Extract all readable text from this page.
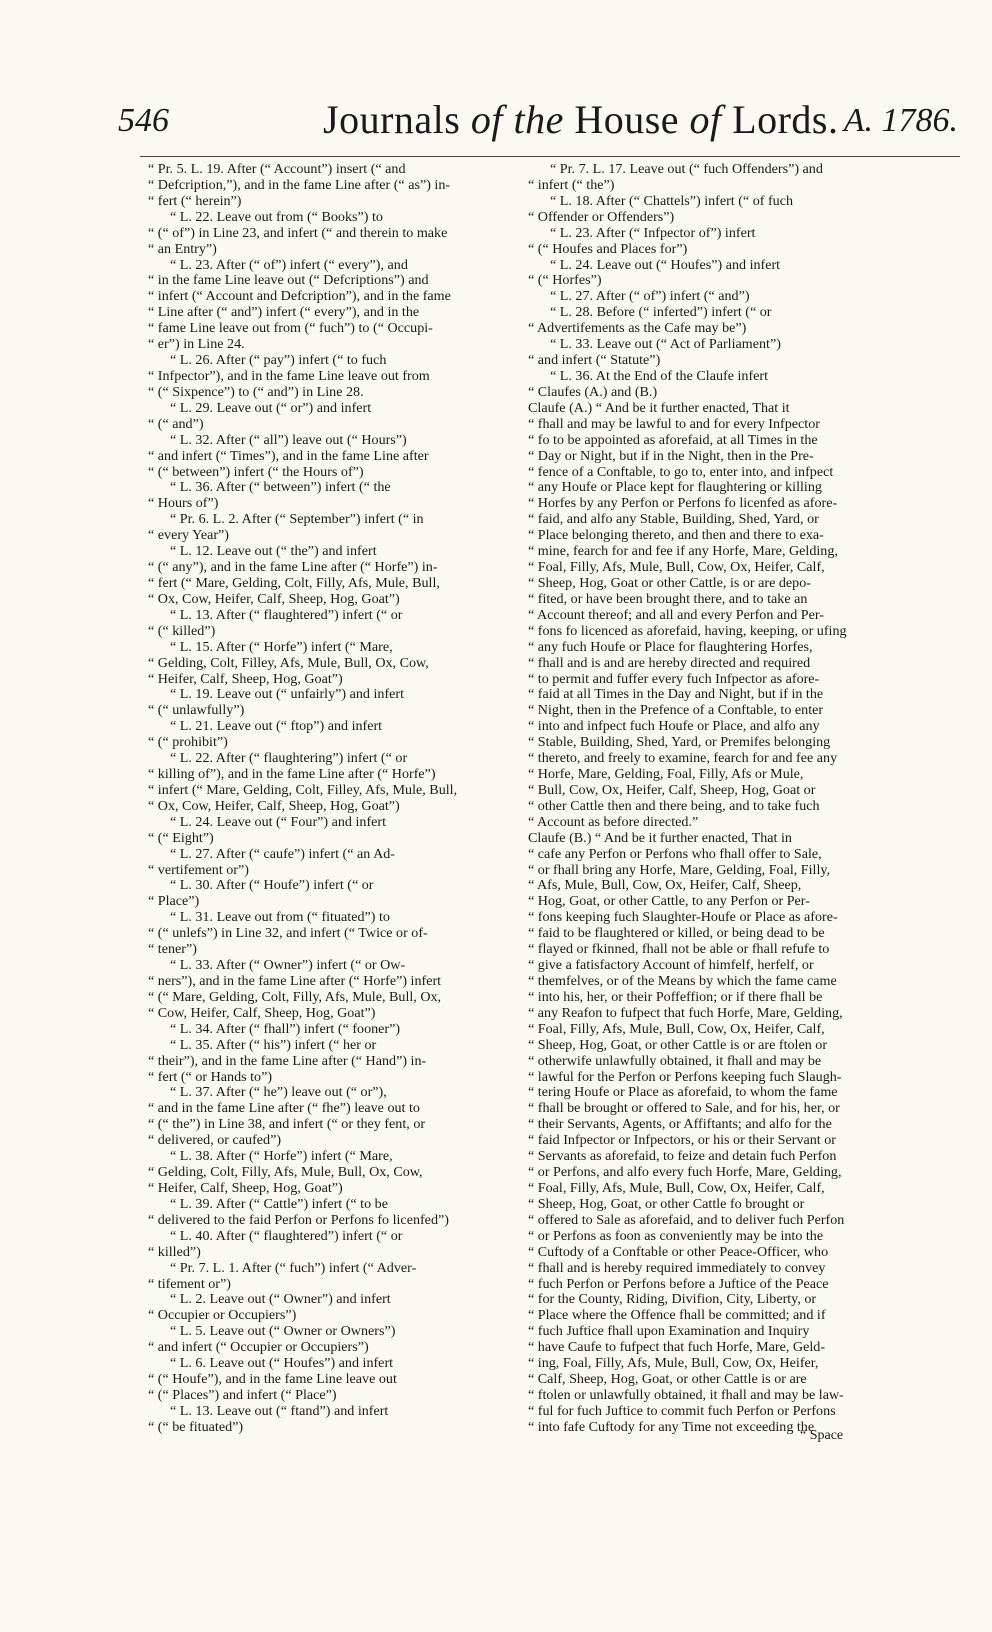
546	Journals of the House of Lords. A. 1786.

“ Pr. 5. L. 19. After (“ Account”) insert (“ and

“ Defcription,”), and in the fame Line after (“ as”) in-

“ fert (“ herein”)

“ L. 22. Leave out from (“ Books”) to

“ (“ of”) in Line 23, and infert (“ and therein to make

“ an Entry”)

“ L. 23. After (“ of”) infert (“ every”), and

“ in the fame Line leave out (“ Defcriptions”) and

“ infert (“ Account and Defcription”), and in the fame

“ Line after (“ and”) infert (“ every”), and in the

“ fame Line leave out from (“ fuch”) to (“ Occupi-

“ er”) in Line 24.

“ L. 26. After (“ pay”) infert (“ to fuch

“ Infpector”), and in the fame Line leave out from

“ (“ Sixpence”) to (“ and”) in Line 28.

“ L. 29. Leave out (“ or”) and infert

“ (“ and”)

“ L. 32. After (“ all”) leave out (“ Hours”)

“ and infert (“ Times”), and in the fame Line after

“ (“ between”) infert (“ the Hours of”)

“ L. 36. After (“ between”) infert (“ the

“ Hours of”)

“ Pr. 6. L. 2. After (“ September”) infert (“ in

“ every Year”)

“ L. 12. Leave out (“ the”) and infert

“ (“ any”), and in the fame Line after (“ Horfe”) in-

“ fert (“ Mare, Gelding, Colt, Filly, Afs, Mule, Bull,

“ Ox, Cow, Heifer, Calf, Sheep, Hog, Goat”)

“ L. 13. After (“ flaughtered”) infert (“ or

“ (“ killed”)

“ L. 15. After (“ Horfe”) infert (“ Mare,

“ Gelding, Colt, Filley, Afs, Mule, Bull, Ox, Cow,

“ Heifer, Calf, Sheep, Hog, Goat”)

“ L. 19. Leave out (“ unfairly”) and infert

“ (“ unlawfully”)

“ L. 21. Leave out (“ ftop”) and infert

“ (“ prohibit”)

“ L. 22. After (“ flaughtering”) infert (“ or

“ killing of”), and in the fame Line after (“ Horfe”)

“ infert (“ Mare, Gelding, Colt, Filley, Afs, Mule, Bull,

“ Ox, Cow, Heifer, Calf, Sheep, Hog, Goat”)

“ L. 24. Leave out (“ Four”) and infert

“ (“ Eight”)

“ L. 27. After (“ caufe”) infert (“ an Ad-

“ vertifement or”)

“ L. 30. After (“ Houfe”) infert (“ or

“ Place”)

“ L. 31. Leave out from (“ fituated”) to

“ (“ unlefs”) in Line 32, and infert (“ Twice or of-

“ tener”)

“ L. 33. After (“ Owner”) infert (“ or Ow-

“ ners”), and in the fame Line after (“ Horfe”) infert

“ (“ Mare, Gelding, Colt, Filly, Afs, Mule, Bull, Ox,

“ Cow, Heifer, Calf, Sheep, Hog, Goat”)

“ L. 34. After (“ fhall”) infert (“ fooner”)

“ L. 35. After (“ his”) infert (“ her or

“ their”), and in the fame Line after (“ Hand”) in-

“ fert (“ or Hands to”)

“ L. 37. After (“ he”) leave out (“ or”),

“ and in the fame Line after (“ fhe”) leave out to

“ (“ the”) in Line 38, and infert (“ or they fent, or

“ delivered, or caufed”)

“ L. 38. After (“ Horfe”) infert (“ Mare,

“ Gelding, Colt, Filly, Afs, Mule, Bull, Ox, Cow,

“ Heifer, Calf, Sheep, Hog, Goat”)

“ L. 39. After (“ Cattle”) infert (“ to be

“ delivered to the faid Perfon or Perfons fo licenfed”)

“ L. 40. After (“ flaughtered”) infert (“ or

“ killed”)

“ Pr. 7. L. 1. After (“ fuch”) infert (“ Adver-

“ tifement or”)

“ L. 2. Leave out (“ Owner”) and infert

“ Occupier or Occupiers”)

“ L. 5. Leave out (“ Owner or Owners”)

“ and infert (“ Occupier or Occupiers”)

“ L. 6. Leave out (“ Houfes”) and infert

“ (“ Houfe”), and in the fame Line leave out

“ (“ Places”) and infert (“ Place”)

“ L. 13. Leave out (“ ftand”) and infert

“ (“ be fituated”)

“ Pr. 7. L. 17. Leave out (“ fuch Offenders”) and

“ infert (“ the”)

“ L. 18. After (“ Chattels”) infert (“ of fuch

“ Offender or Offenders”)

“ L. 23. After (“ Infpector of”) infert

“ (“ Houfes and Places for”)

“ L. 24. Leave out (“ Houfes”) and infert

“ (“ Horfes”)

“ L. 27. After (“ of”) infert (“ and”)

“ L. 28. Before (“ inferted”) infert (“ or

“ Advertifements as the Cafe may be”)

“ L. 33. Leave out (“ Act of Parliament”)

“ and infert (“ Statute”)

“ L. 36. At the End of the Claufe infert

“ Claufes (A.) and (B.)

Claufe (A.) “ And be it further enacted, That it

“ fhall and may be lawful to and for every Infpector

“ fo to be appointed as aforefaid, at all Times in the

“ Day or Night, but if in the Night, then in the Pre-

“ fence of a Conftable, to go to, enter into, and infpect

“ any Houfe or Place kept for flaughtering or killing

“ Horfes by any Perfon or Perfons fo licenfed as afore-

“ faid, and alfo any Stable, Building, Shed, Yard, or

“ Place belonging thereto, and then and there to exa-

“ mine, fearch for and fee if any Horfe, Mare, Gelding,

“ Foal, Filly, Afs, Mule, Bull, Cow, Ox, Heifer, Calf,

“ Sheep, Hog, Goat or other Cattle, is or are depo-

“ fited, or have been brought there, and to take an

“ Account thereof; and all and every Perfon and Per-

“ fons fo licenced as aforefaid, having, keeping, or ufing

“ any fuch Houfe or Place for flaughtering Horfes,

“ fhall and is and are hereby directed and required

“ to permit and fuffer every fuch Infpector as afore-

“ faid at all Times in the Day and Night, but if in the

“ Night, then in the Prefence of a Conftable, to enter

“ into and infpect fuch Houfe or Place, and alfo any

“ Stable, Building, Shed, Yard, or Premifes belonging

“ thereto, and freely to examine, fearch for and fee any

“ Horfe, Mare, Gelding, Foal, Filly, Afs or Mule,

“ Bull, Cow, Ox, Heifer, Calf, Sheep, Hog, Goat or

“ other Cattle then and there being, and to take fuch

“ Account as before directed.”

Claufe (B.) “ And be it further enacted, That in

“ cafe any Perfon or Perfons who fhall offer to Sale,

“ or fhall bring any Horfe, Mare, Gelding, Foal, Filly,

“ Afs, Mule, Bull, Cow, Ox, Heifer, Calf, Sheep,

“ Hog, Goat, or other Cattle, to any Perfon or Per-

“ fons keeping fuch Slaughter-Houfe or Place as afore-

“ faid to be flaughtered or killed, or being dead to be

“ flayed or fkinned, fhall not be able or fhall refufe to

“ give a fatisfactory Account of himfelf, herfelf, or

“ themfelves, or of the Means by which the fame came

“ into his, her, or their Poffeffion; or if there fhall be

“ any Reafon to fufpect that fuch Horfe, Mare, Gelding,

“ Foal, Filly, Afs, Mule, Bull, Cow, Ox, Heifer, Calf,

“ Sheep, Hog, Goat, or other Cattle is or are ftolen or

“ otherwife unlawfully obtained, it fhall and may be

“ lawful for the Perfon or Perfons keeping fuch Slaugh-

“ tering Houfe or Place as aforefaid, to whom the fame

“ fhall be brought or offered to Sale, and for his, her, or

“ their Servants, Agents, or Affiftants; and alfo for the

“ faid Infpector or Infpectors, or his or their Servant or

“ Servants as aforefaid, to feize and detain fuch Perfon

“ or Perfons, and alfo every fuch Horfe, Mare, Gelding,

“ Foal, Filly, Afs, Mule, Bull, Cow, Ox, Heifer, Calf,

“ Sheep, Hog, Goat, or other Cattle fo brought or

“ offered to Sale as aforefaid, and to deliver fuch Perfon

“ or Perfons as foon as conveniently may be into the

“ Cuftody of a Conftable or other Peace-Officer, who

“ fhall and is hereby required immediately to convey

“ fuch Perfon or Perfons before a Juftice of the Peace

“ for the County, Riding, Divifion, City, Liberty, or

“ Place where the Offence fhall be committed; and if

“ fuch Juftice fhall upon Examination and Inquiry

“ have Caufe to fufpect that fuch Horfe, Mare, Geld-

“ ing, Foal, Filly, Afs, Mule, Bull, Cow, Ox, Heifer,

“ Calf, Sheep, Hog, Goat, or other Cattle is or are

“ ftolen or unlawfully obtained, it fhall and may be law-

“ ful for fuch Juftice to commit fuch Perfon or Perfons

“ into fafe Cuftody for any Time not exceeding the

“ Space
